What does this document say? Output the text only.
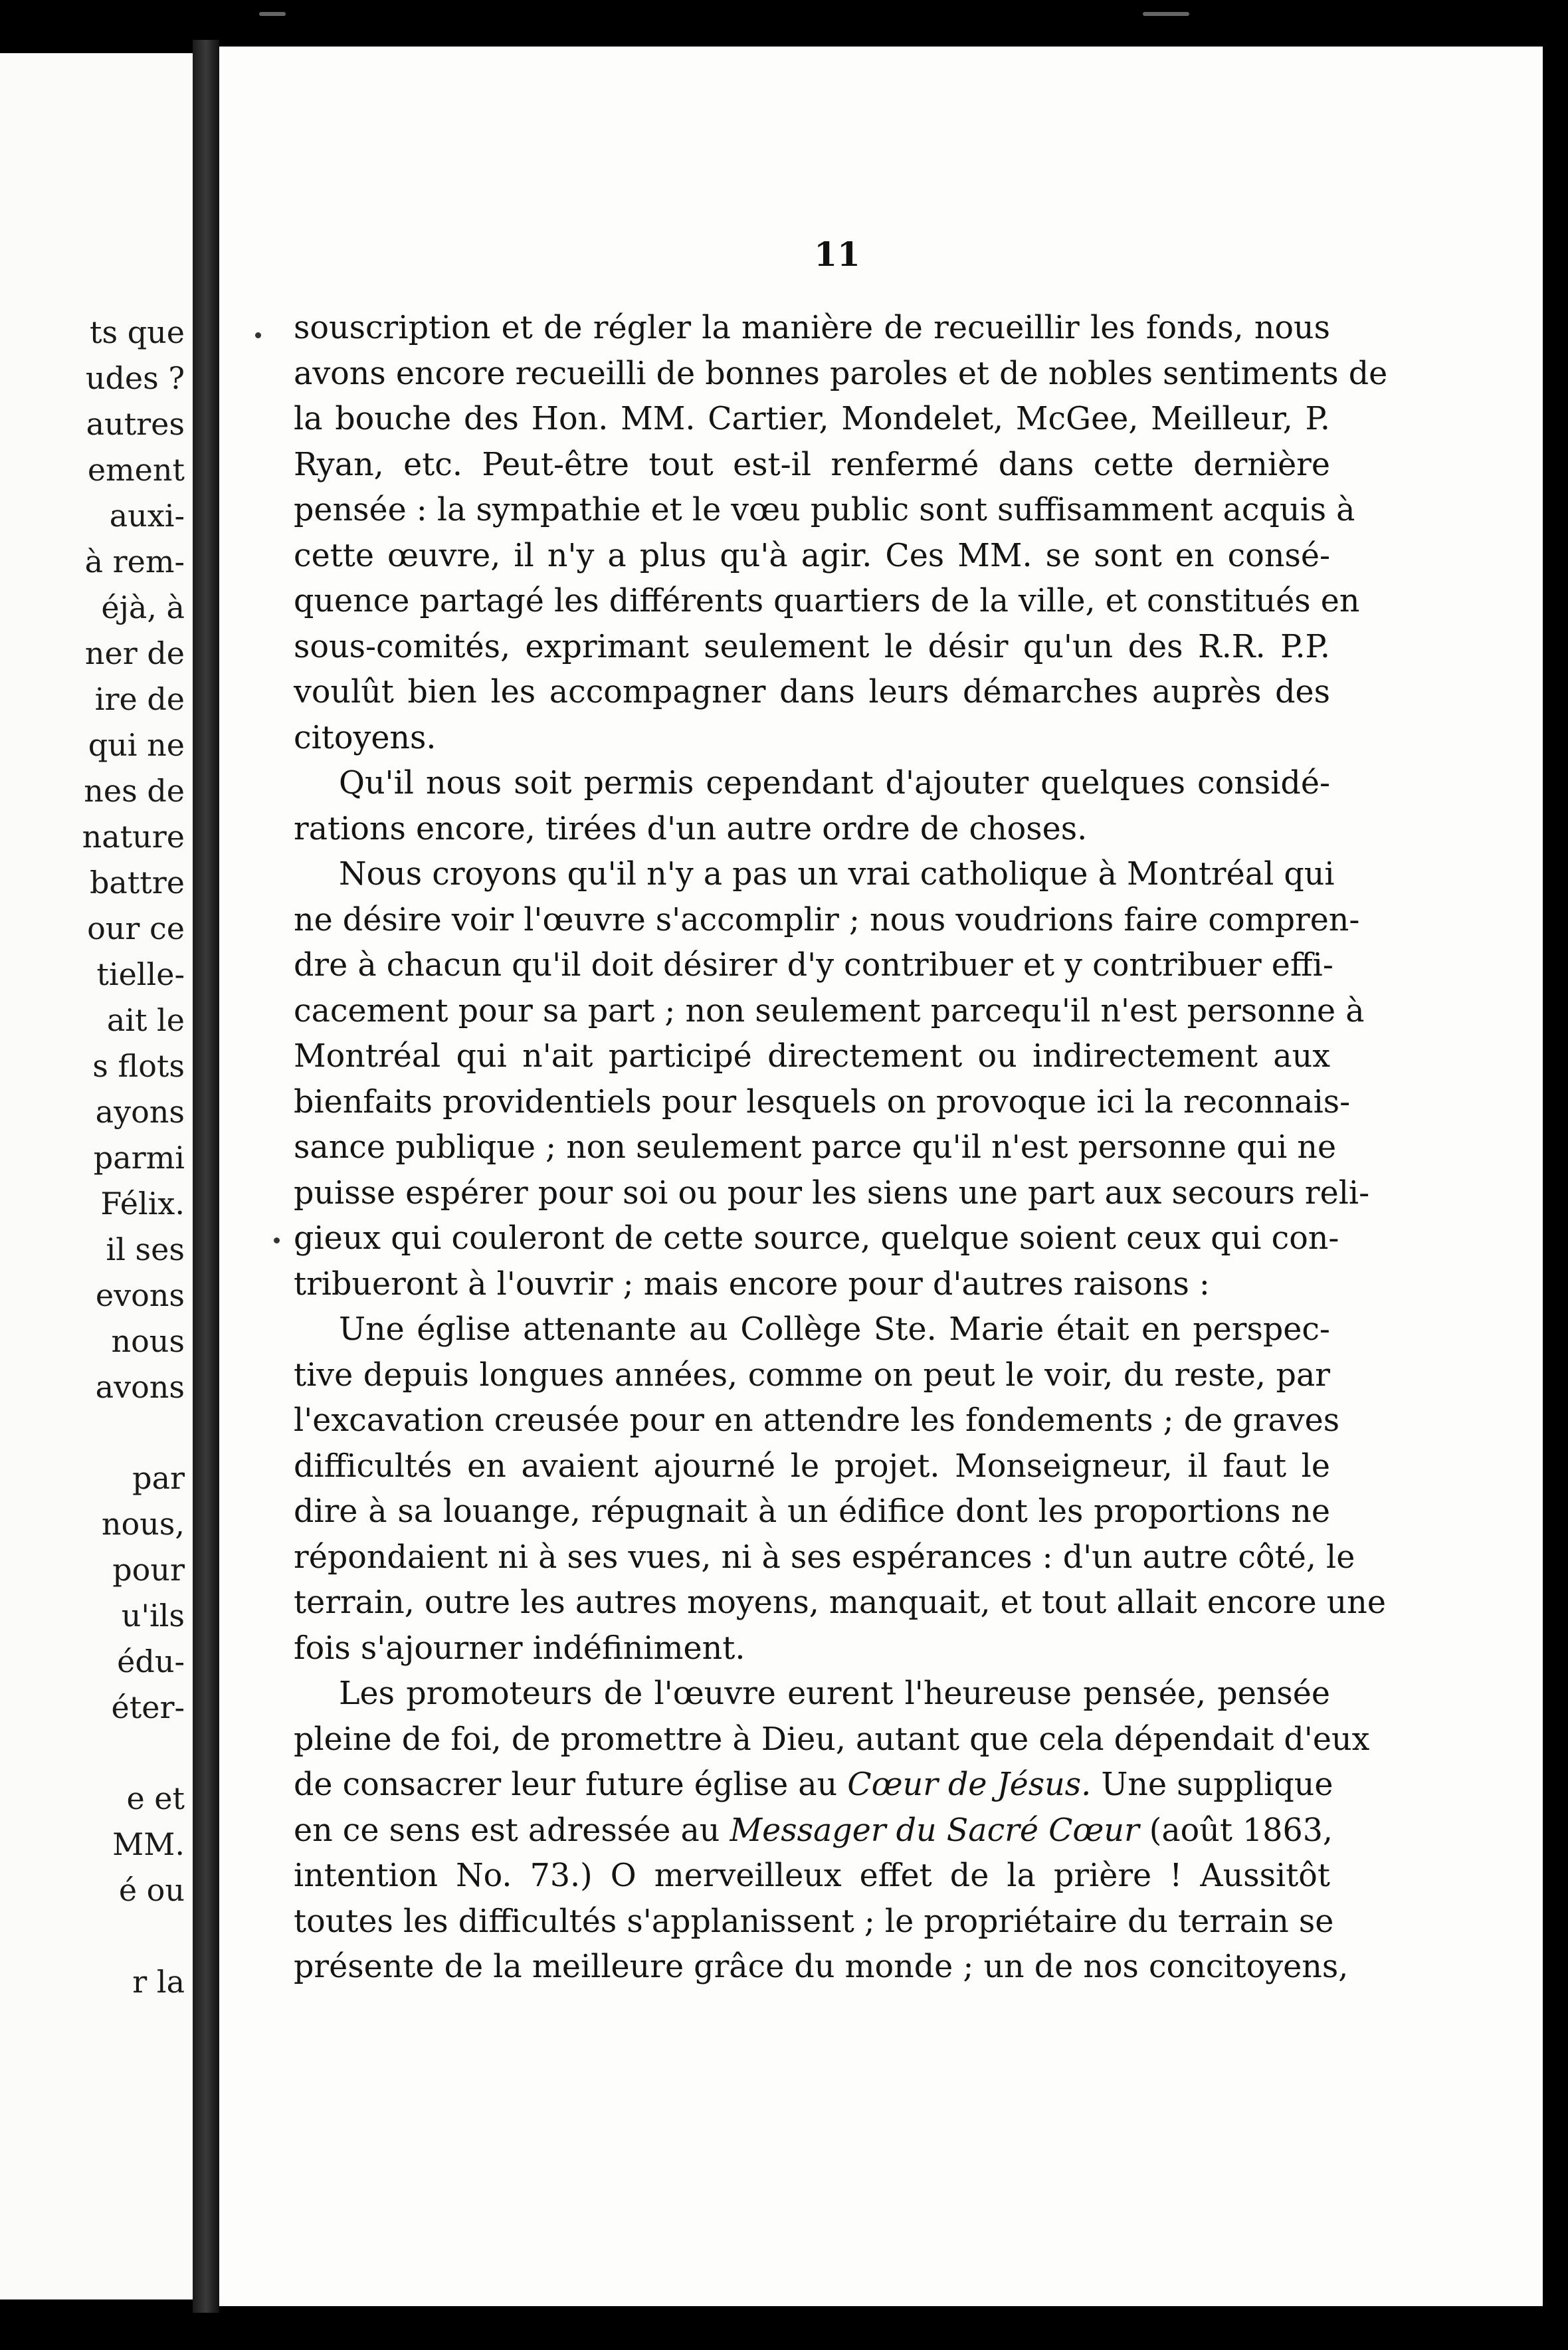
ts que
udes ?
autres
ement
auxi-
à rem-
éjà, à
ner de
ire de
qui ne
nes de
nature
battre
our ce
tielle-
ait le
s flots
ayons
parmi
Félix.
il ses
evons
nous
avons
par
nous,
pour
u'ils
édu-
éter-
e et
MM.
é ou
r la
11
souscription et de régler la manière de recueillir les fonds, nous
avons encore recueilli de bonnes paroles et de nobles sentiments de
la bouche des Hon. MM. Cartier, Mondelet, McGee, Meilleur, P.
Ryan, etc. Peut-être tout est-il renfermé dans cette dernière
pensée : la sympathie et le vœu public sont suffisamment acquis à
cette œuvre, il n'y a plus qu'à agir. Ces MM. se sont en consé-
quence partagé les différents quartiers de la ville, et constitués en
sous-comités, exprimant seulement le désir qu'un des R.R. P.P.
voulût bien les accompagner dans leurs démarches auprès des
citoyens.
Qu'il nous soit permis cependant d'ajouter quelques considé-
rations encore, tirées d'un autre ordre de choses.
Nous croyons qu'il n'y a pas un vrai catholique à Montréal qui
ne désire voir l'œuvre s'accomplir ; nous voudrions faire compren-
dre à chacun qu'il doit désirer d'y contribuer et y contribuer effi-
cacement pour sa part ; non seulement parcequ'il n'est personne à
Montréal qui n'ait participé directement ou indirectement aux
bienfaits providentiels pour lesquels on provoque ici la reconnais-
sance publique ; non seulement parce qu'il n'est personne qui ne
puisse espérer pour soi ou pour les siens une part aux secours reli-
gieux qui couleront de cette source, quelque soient ceux qui con-
tribueront à l'ouvrir ; mais encore pour d'autres raisons :
Une église attenante au Collège Ste. Marie était en perspec-
tive depuis longues années, comme on peut le voir, du reste, par
l'excavation creusée pour en attendre les fondements ; de graves
difficultés en avaient ajourné le projet. Monseigneur, il faut le
dire à sa louange, répugnait à un édifice dont les proportions ne
répondaient ni à ses vues, ni à ses espérances : d'un autre côté, le
terrain, outre les autres moyens, manquait, et tout allait encore une
fois s'ajourner indéfiniment.
Les promoteurs de l'œuvre eurent l'heureuse pensée, pensée
pleine de foi, de promettre à Dieu, autant que cela dépendait d'eux
de consacrer leur future église au Cœur de Jésus. Une supplique
en ce sens est adressée au Messager du Sacré Cœur (août 1863,
intention No. 73.) O merveilleux effet de la prière ! Aussitôt
toutes les difficultés s'applanissent ; le propriétaire du terrain se
présente de la meilleure grâce du monde ; un de nos concitoyens,
